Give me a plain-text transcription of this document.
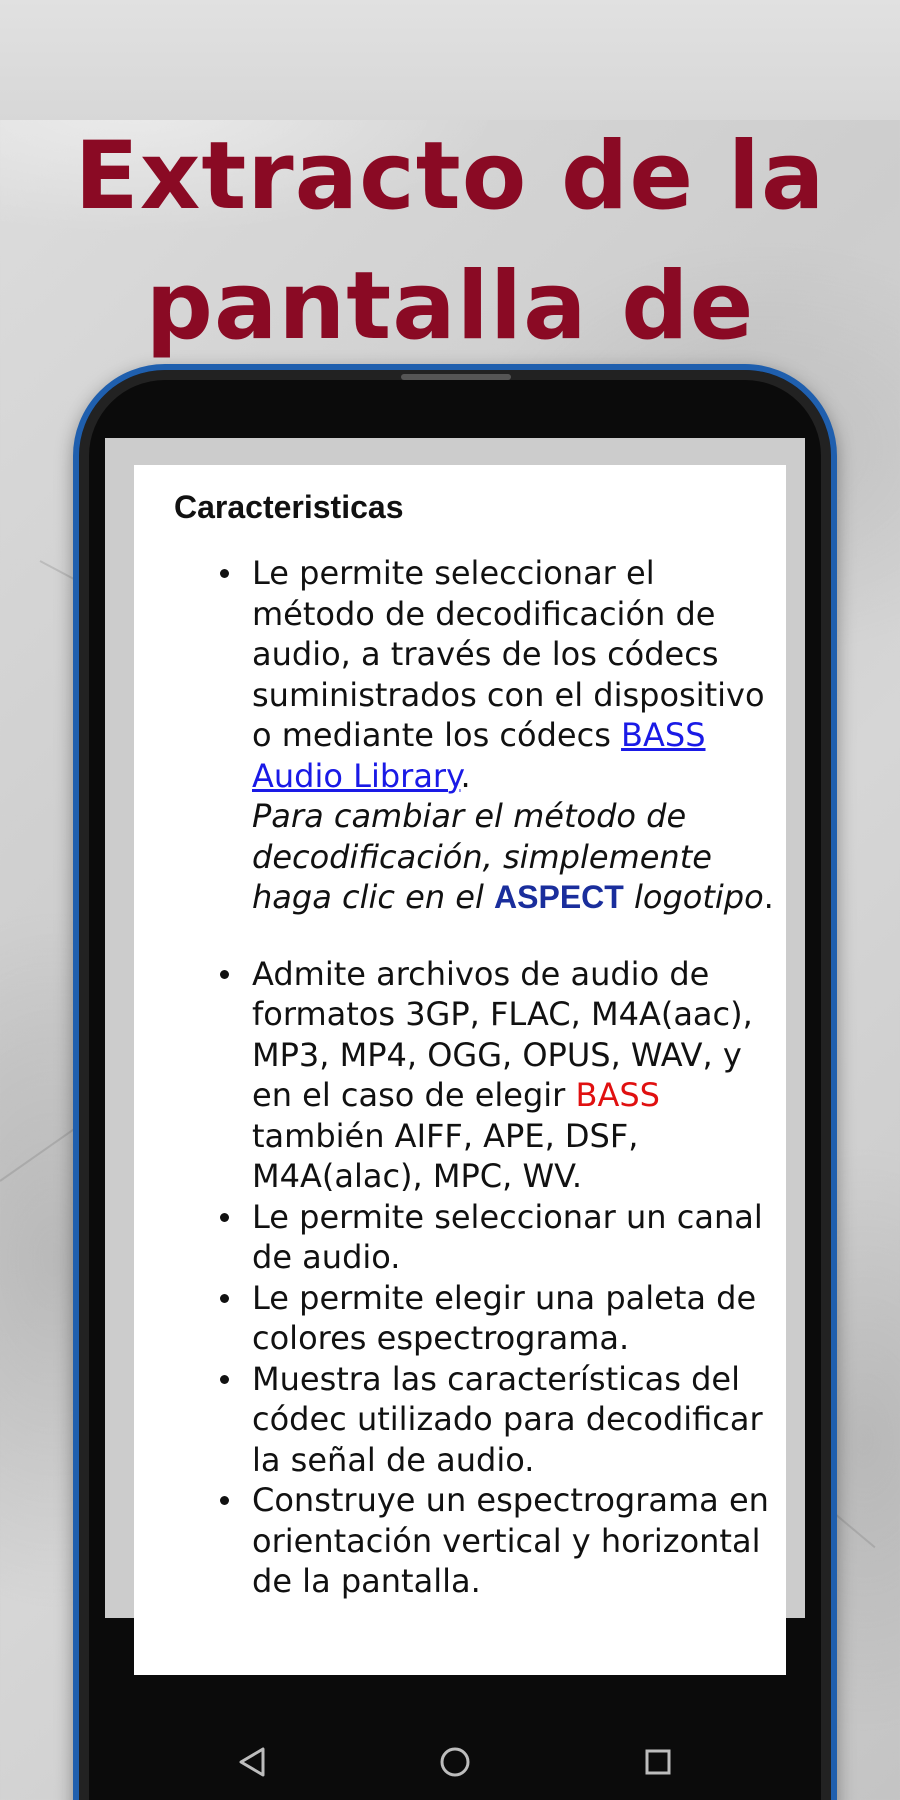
Extracto de la
pantalla de
Caracteristicas
Le permite seleccionar el método de decodificación de audio, a través de los códecs suministrados con el dispositivo o mediante los códecs BASS Audio Library.
Para cambiar el método de decodificación, simplemente haga clic en el ASPECT logotipo.
Admite archivos de audio de formatos 3GP, FLAC, M4A(aac), MP3, MP4, OGG, OPUS, WAV, y en el caso de elegir BASS también AIFF, APE, DSF, M4A(alac), MPC, WV.
Le permite seleccionar un canal de audio.
Le permite elegir una paleta de colores espectrograma.
Muestra las características del códec utilizado para decodificar la señal de audio.
Construye un espectrograma en orientación vertical y horizontal de la pantalla.
